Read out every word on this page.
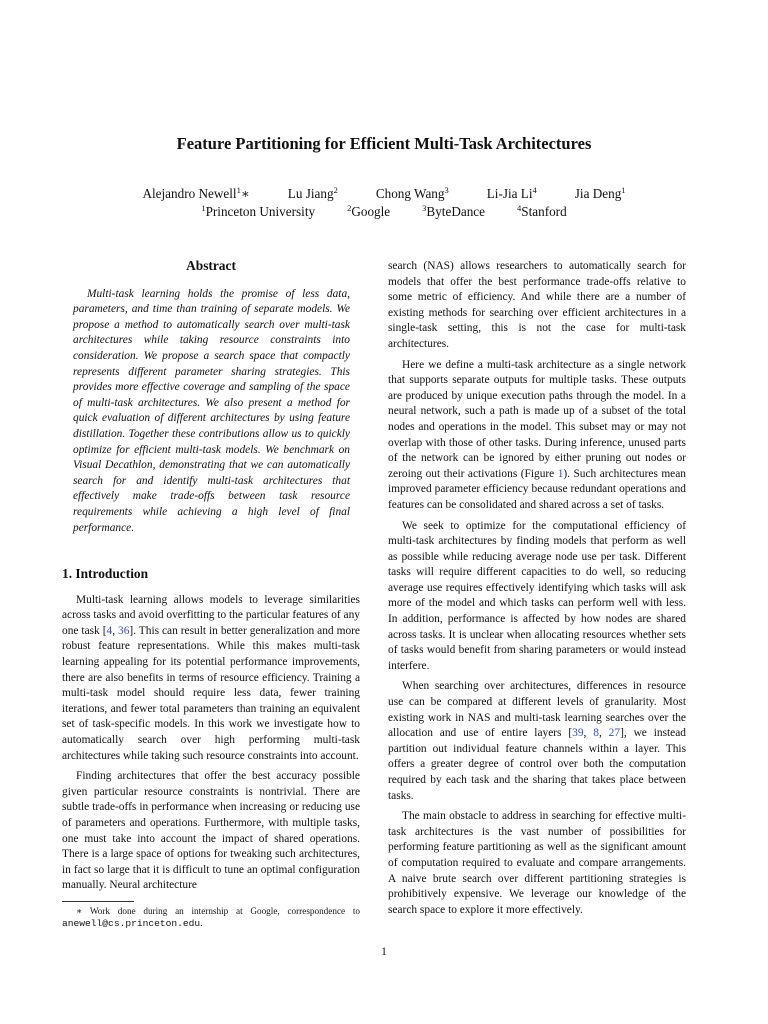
Feature Partitioning for Efficient Multi-Task Architectures
Alejandro Newell$^1$∗	Lu Jiang$^2$	Chong Wang$^3$	Li-Jia Li$^4$	Jia Deng$^1$
$^1$Princeton University	$^2$Google	$^3$ByteDance	$^4$Stanford
Abstract
Multi-task learning holds the promise of less data, parameters, and time than training of separate models. We propose a method to automatically search over multi-task architectures while taking resource constraints into consideration. We propose a search space that compactly represents different parameter sharing strategies. This provides more effective coverage and sampling of the space of multi-task architectures. We also present a method for quick evaluation of different architectures by using feature distillation. Together these contributions allow us to quickly optimize for efficient multi-task models. We benchmark on Visual Decathlon, demonstrating that we can automatically search for and identify multi-task architectures that effectively make trade-offs between task resource requirements while achieving a high level of final performance.
1. Introduction

Multi-task learning allows models to leverage similarities across tasks and avoid overfitting to the particular features of any one task [4, 36]. This can result in better generalization and more robust feature representations. While this makes multi-task learning appealing for its potential performance improvements, there are also benefits in terms of resource efficiency. Training a multi-task model should require less data, fewer training iterations, and fewer total parameters than training an equivalent set of task-specific models. In this work we investigate how to automatically search over high performing multi-task architectures while taking such resource constraints into account.

Finding architectures that offer the best accuracy possible given particular resource constraints is nontrivial. There are subtle trade-offs in performance when increasing or reducing use of parameters and operations. Furthermore, with multiple tasks, one must take into account the impact of shared operations. There is a large space of options for tweaking such architectures, in fact so large that it is difficult to tune an optimal configuration manually. Neural architecture

∗ Work done during an internship at Google, correspondence to anewell@cs.princeton.edu.

search (NAS) allows researchers to automatically search for models that offer the best performance trade-offs relative to some metric of efficiency. And while there are a number of existing methods for searching over efficient architectures in a single-task setting, this is not the case for multi-task architectures.

Here we define a multi-task architecture as a single network that supports separate outputs for multiple tasks. These outputs are produced by unique execution paths through the model. In a neural network, such a path is made up of a subset of the total nodes and operations in the model. This subset may or may not overlap with those of other tasks. During inference, unused parts of the network can be ignored by either pruning out nodes or zeroing out their activations (Figure 1). Such architectures mean improved parameter efficiency because redundant operations and features can be consolidated and shared across a set of tasks.

We seek to optimize for the computational efficiency of multi-task architectures by finding models that perform as well as possible while reducing average node use per task. Different tasks will require different capacities to do well, so reducing average use requires effectively identifying which tasks will ask more of the model and which tasks can perform well with less. In addition, performance is affected by how nodes are shared across tasks. It is unclear when allocating resources whether sets of tasks would benefit from sharing parameters or would instead interfere.

When searching over architectures, differences in resource use can be compared at different levels of granularity. Most existing work in NAS and multi-task learning searches over the allocation and use of entire layers [39, 8, 27], we instead partition out individual feature channels within a layer. This offers a greater degree of control over both the computation required by each task and the sharing that takes place between tasks.

The main obstacle to address in searching for effective multi-task architectures is the vast number of possibilities for performing feature partitioning as well as the significant amount of computation required to evaluate and compare arrangements. A naive brute search over different partitioning strategies is prohibitively expensive. We leverage our knowledge of the search space to explore it more effectively.

1
